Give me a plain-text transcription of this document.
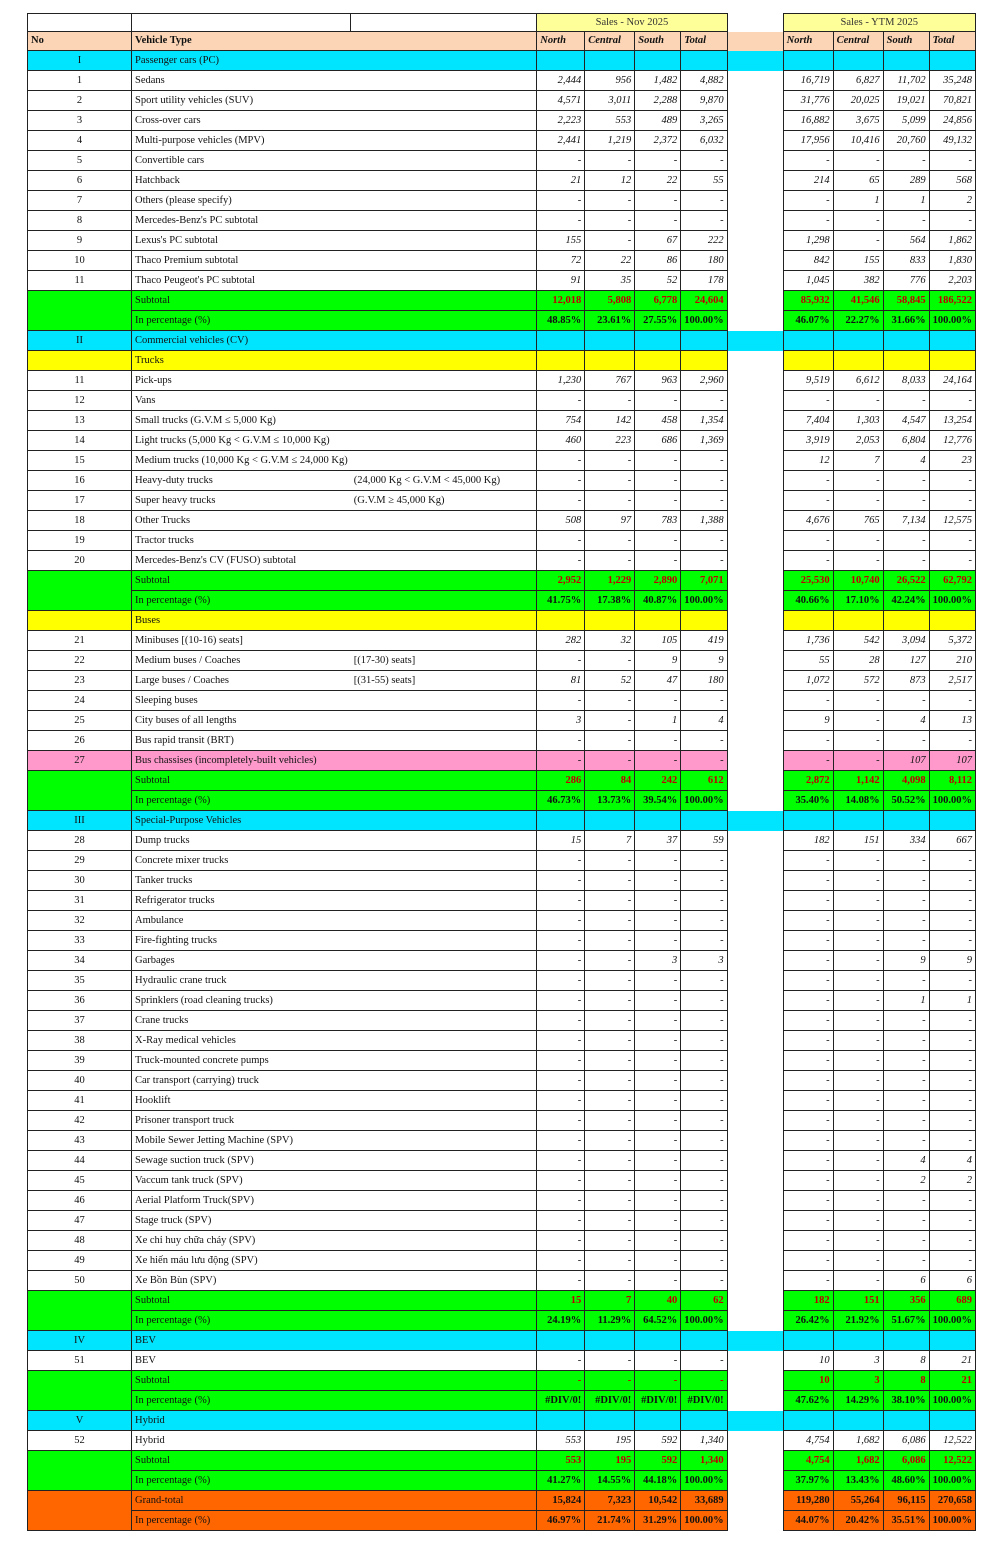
			Sales - Nov 2025					Sales - YTM 2025			
No	Vehicle Type		North	Central	South	Total		North	Central	South	Total
I	Passenger cars (PC)										
1	Sedans		2,444	956	1,482	4,882		16,719	6,827	11,702	35,248
2	Sport utility vehicles (SUV)		4,571	3,011	2,288	9,870		31,776	20,025	19,021	70,821
3	Cross-over cars		2,223	553	489	3,265		16,882	3,675	5,099	24,856
4	Multi-purpose vehicles (MPV)		2,441	1,219	2,372	6,032		17,956	10,416	20,760	49,132
5	Convertible cars		-	-	-	-		-	-	-	-
6	Hatchback		21	12	22	55		214	65	289	568
7	Others (please specify)		-	-	-	-		-	1	1	2
8	Mercedes-Benz's PC subtotal		-	-	-	-		-	-	-	-
9	Lexus's PC subtotal		155	-	67	222		1,298	-	564	1,862
10	Thaco Premium subtotal		72	22	86	180		842	155	833	1,830
11	Thaco Peugeot's PC subtotal		91	35	52	178		1,045	382	776	2,203
	Subtotal		12,018	5,808	6,778	24,604		85,932	41,546	58,845	186,522
	In percentage (%)		48.85%	23.61%	27.55%	100.00%		46.07%	22.27%	31.66%	100.00%
II	Commercial vehicles (CV)										
	Trucks										
11	Pick-ups		1,230	767	963	2,960		9,519	6,612	8,033	24,164
12	Vans		-	-	-	-		-	-	-	-
13	Small trucks (G.V.M ≤ 5,000 Kg)		754	142	458	1,354		7,404	1,303	4,547	13,254
14	Light trucks (5,000 Kg < G.V.M ≤ 10,000 Kg)		460	223	686	1,369		3,919	2,053	6,804	12,776
15	Medium trucks (10,000 Kg < G.V.M ≤ 24,000 Kg)		-	-	-	-		12	7	4	23
16	Heavy-duty trucks	(24,000 Kg < G.V.M < 45,000 Kg)	-	-	-	-		-	-	-	-
17	Super heavy trucks	(G.V.M ≥ 45,000 Kg)	-	-	-	-		-	-	-	-
18	Other Trucks		508	97	783	1,388		4,676	765	7,134	12,575
19	Tractor trucks		-	-	-	-		-	-	-	-
20	Mercedes-Benz's CV (FUSO) subtotal		-	-	-	-		-	-	-	-
	Subtotal		2,952	1,229	2,890	7,071		25,530	10,740	26,522	62,792
	In percentage (%)		41.75%	17.38%	40.87%	100.00%		40.66%	17.10%	42.24%	100.00%
	Buses										
21	Minibuses [(10-16) seats]		282	32	105	419		1,736	542	3,094	5,372
22	Medium buses / Coaches	[(17-30) seats]	-	-	9	9		55	28	127	210
23	Large buses / Coaches	[(31-55) seats]	81	52	47	180		1,072	572	873	2,517
24	Sleeping buses		-	-	-	-		-	-	-	-
25	City buses of all lengths		3	-	1	4		9	-	4	13
26	Bus rapid transit (BRT)		-	-	-	-		-	-	-	-
27	Bus chassises (incompletely-built vehicles)		-	-	-	-		-	-	107	107
	Subtotal		286	84	242	612		2,872	1,142	4,098	8,112
	In percentage (%)		46.73%	13.73%	39.54%	100.00%		35.40%	14.08%	50.52%	100.00%
III	Special-Purpose Vehicles										
28	Dump trucks		15	7	37	59		182	151	334	667
29	Concrete mixer trucks		-	-	-	-		-	-	-	-
30	Tanker trucks		-	-	-	-		-	-	-	-
31	Refrigerator trucks		-	-	-	-		-	-	-	-
32	Ambulance		-	-	-	-		-	-	-	-
33	Fire-fighting trucks		-	-	-	-		-	-	-	-
34	Garbages		-	-	3	3		-	-	9	9
35	Hydraulic crane truck		-	-	-	-		-	-	-	-
36	Sprinklers (road cleaning trucks)		-	-	-	-		-	-	1	1
37	Crane trucks		-	-	-	-		-	-	-	-
38	X-Ray medical vehicles		-	-	-	-		-	-	-	-
39	Truck-mounted concrete pumps		-	-	-	-		-	-	-	-
40	Car transport (carrying) truck		-	-	-	-		-	-	-	-
41	Hooklift		-	-	-	-		-	-	-	-
42	Prisoner transport truck		-	-	-	-		-	-	-	-
43	Mobile Sewer Jetting Machine (SPV)		-	-	-	-		-	-	-	-
44	Sewage suction truck (SPV)		-	-	-	-		-	-	4	4
45	Vaccum tank truck (SPV)		-	-	-	-		-	-	2	2
46	Aerial Platform Truck(SPV)		-	-	-	-		-	-	-	-
47	Stage truck (SPV)		-	-	-	-		-	-	-	-
48	Xe chỉ huy chữa cháy (SPV)		-	-	-	-		-	-	-	-
49	Xe hiến máu lưu động (SPV)		-	-	-	-		-	-	-	-
50	Xe Bồn Bùn (SPV)		-	-	-	-		-	-	6	6
	Subtotal		15	7	40	62		182	151	356	689
	In percentage (%)		24.19%	11.29%	64.52%	100.00%		26.42%	21.92%	51.67%	100.00%
IV	BEV										
51	BEV		-	-	-	-		10	3	8	21
	Subtotal		-	-	-	-		10	3	8	21
	In percentage (%)		#DIV/0!	#DIV/0!	#DIV/0!	#DIV/0!		47.62%	14.29%	38.10%	100.00%
V	Hybrid										
52	Hybrid		553	195	592	1,340		4,754	1,682	6,086	12,522
	Subtotal		553	195	592	1,340		4,754	1,682	6,086	12,522
	In percentage (%)		41.27%	14.55%	44.18%	100.00%		37.97%	13.43%	48.60%	100.00%
	Grand-total		15,824	7,323	10,542	33,689		119,280	55,264	96,115	270,658
	In percentage (%)		46.97%	21.74%	31.29%	100.00%		44.07%	20.42%	35.51%	100.00%
